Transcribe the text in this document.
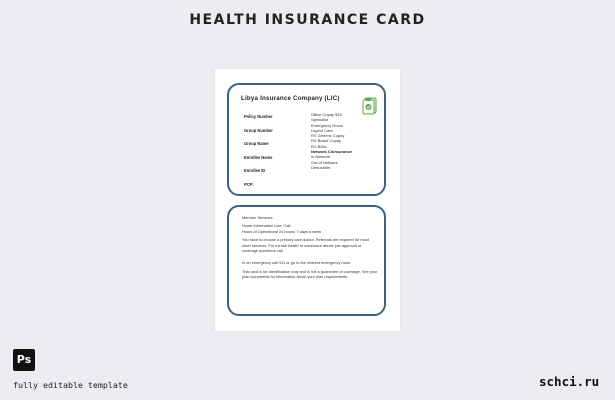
HEALTH INSURANCE CARD
Libya Insurance Company (LIC)
Policy Number
Group Number
Group Name
Enrollee Name
Enrollee ID
PCP:
Office Copay $15
Specialist
Emergency Room
Urgent Care
RX Generic Copay
RX Brand Copay
RX BIN#
Network Coinsurance
In Network
Out of Network
Deductible:

Member Services:

Nurse Information Line: Call:

Hours of Operational 24 hours/ 7 days a week

You have to choose a primary care doctor. Referrals are required for most other services. For mental health or substance abuse pre-approval or coverage questions call

In an emergency call 911 or go to the nearest emergency room.

This card is for identification only and is not a guarantee of coverage. See your plan documents for information about your plan requirements.

Ps
fully editable template	schci.ru
